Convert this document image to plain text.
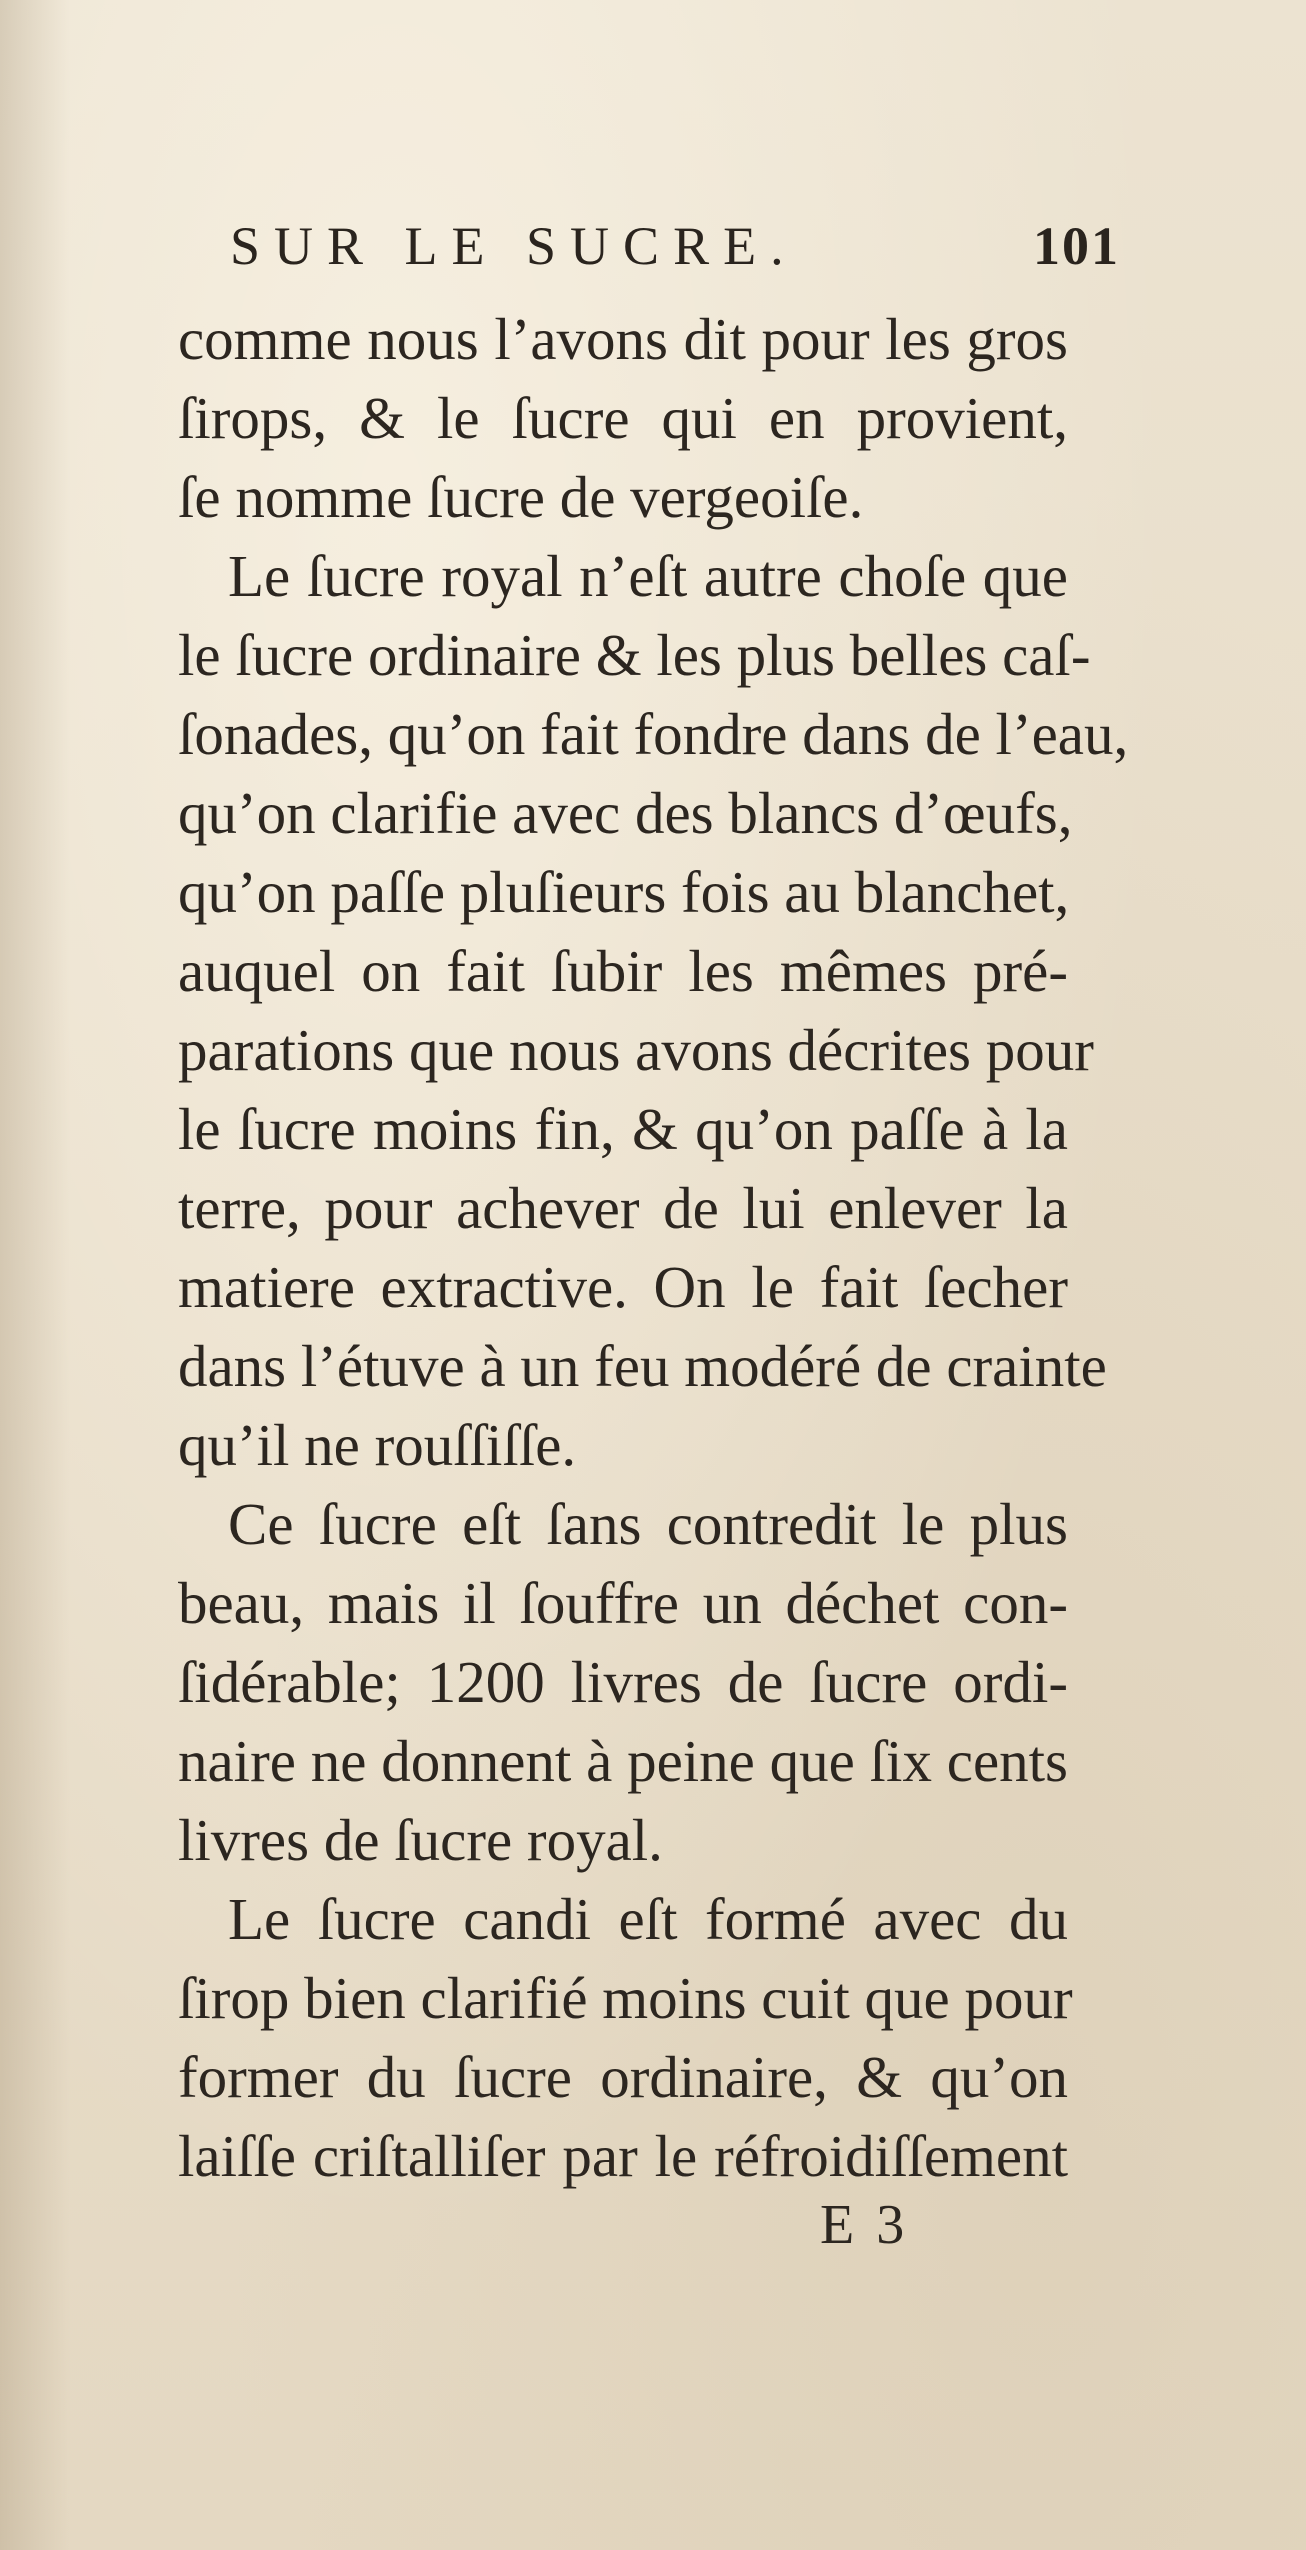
SUR LE SUCRE.	101
comme nous l’avons dit pour les gros
ſirops, & le ſucre qui en provient,
ſe nomme ſucre de vergeoiſe.
Le ſucre royal n’eſt autre choſe que
le ſucre ordinaire & les plus belles caſ-
ſonades, qu’on fait fondre dans de l’eau,
qu’on clarifie avec des blancs d’œufs,
qu’on paſſe pluſieurs fois au blanchet,
auquel on fait ſubir les mêmes pré-
parations que nous avons décrites pour
le ſucre moins fin, & qu’on paſſe à la
terre, pour achever de lui enlever la
matiere extractive. On le fait ſecher
dans l’étuve à un feu modéré de crainte
qu’il ne rouſſiſſe.
Ce ſucre eſt ſans contredit le plus
beau, mais il ſouffre un déchet con-
ſidérable; 1200 livres de ſucre ordi-
naire ne donnent à peine que ſix cents
livres de ſucre royal.
Le ſucre candi eſt formé avec du
ſirop bien clarifié moins cuit que pour
former du ſucre ordinaire, & qu’on
laiſſe criſtalliſer par le réfroidiſſement
E 3
